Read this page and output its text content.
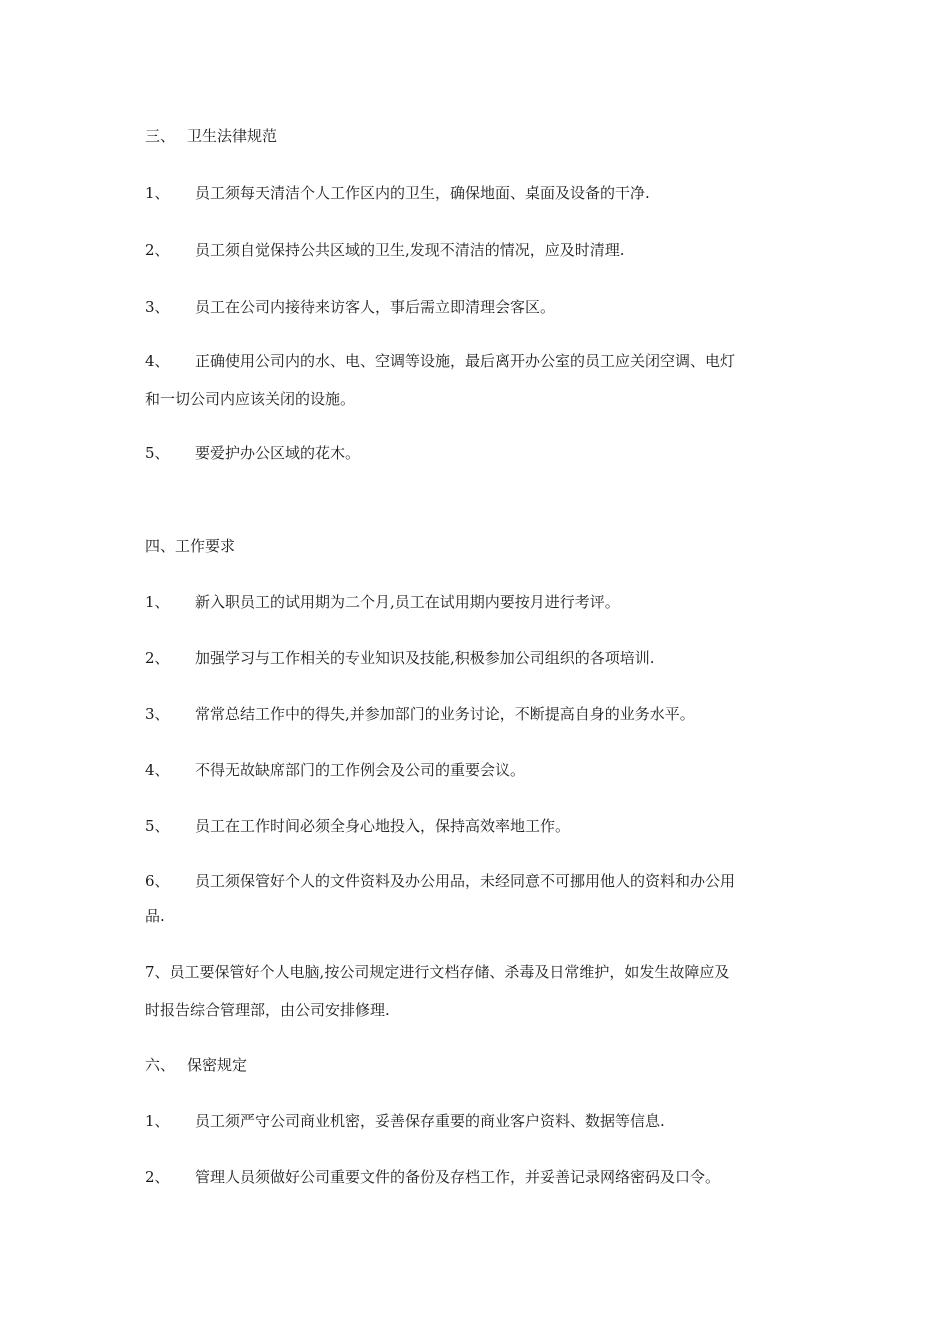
三、 卫生法律规范
1、 员工须每天清洁个人工作区内的卫生，确保地面、桌面及设备的干净.
2、 员工须自觉保持公共区域的卫生,发现不清洁的情况，应及时清理.
3、 员工在公司内接待来访客人，事后需立即清理会客区。
4、 正确使用公司内的水、电、空调等设施，最后离开办公室的员工应关闭空调、电灯
和一切公司内应该关闭的设施。
5、 要爱护办公区域的花木。
四、工作要求
1、 新入职员工的试用期为二个月,员工在试用期内要按月进行考评。
2、 加强学习与工作相关的专业知识及技能,积极参加公司组织的各项培训.
3、 常常总结工作中的得失,并参加部门的业务讨论，不断提高自身的业务水平。
4、 不得无故缺席部门的工作例会及公司的重要会议。
5、 员工在工作时间必须全身心地投入，保持高效率地工作。
6、 员工须保管好个人的文件资料及办公用品，未经同意不可挪用他人的资料和办公用
品.
7、员工要保管好个人电脑,按公司规定进行文档存储、杀毒及日常维护，如发生故障应及
时报告综合管理部，由公司安排修理.
六、 保密规定
1、 员工须严守公司商业机密，妥善保存重要的商业客户资料、数据等信息.
2、 管理人员须做好公司重要文件的备份及存档工作，并妥善记录网络密码及口令。
